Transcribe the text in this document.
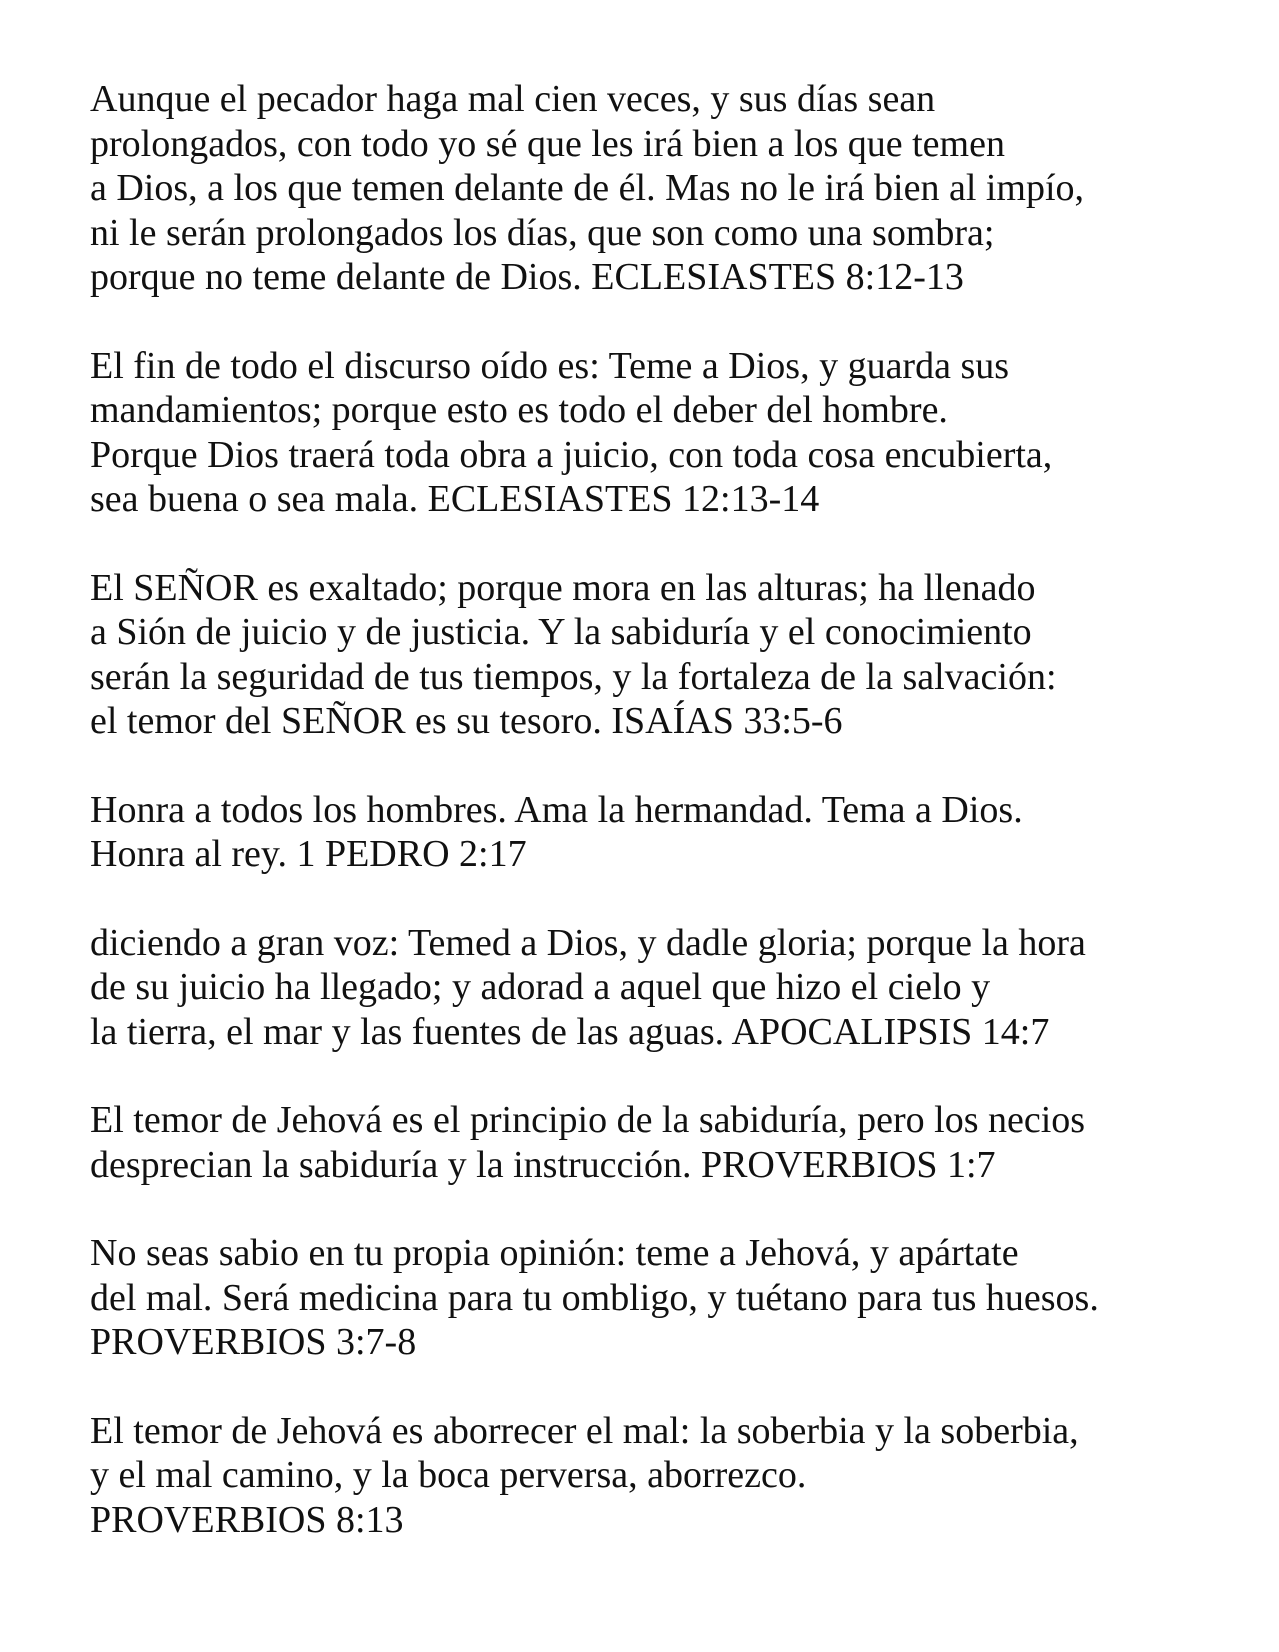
Aunque el pecador haga mal cien veces, y sus días sean
prolongados, con todo yo sé que les irá bien a los que temen
a Dios, a los que temen delante de él. Mas no le irá bien al impío,
ni le serán prolongados los días, que son como una sombra;
porque no teme delante de Dios. ECLESIASTES 8:12-13

El fin de todo el discurso oído es: Teme a Dios, y guarda sus
mandamientos; porque esto es todo el deber del hombre.
Porque Dios traerá toda obra a juicio, con toda cosa encubierta,
sea buena o sea mala. ECLESIASTES 12:13-14

El SEÑOR es exaltado; porque mora en las alturas; ha llenado
a Sión de juicio y de justicia. Y la sabiduría y el conocimiento
serán la seguridad de tus tiempos, y la fortaleza de la salvación:
el temor del SEÑOR es su tesoro. ISAÍAS 33:5-6

Honra a todos los hombres. Ama la hermandad. Tema a Dios.
Honra al rey. 1 PEDRO 2:17

diciendo a gran voz: Temed a Dios, y dadle gloria; porque la hora
de su juicio ha llegado; y adorad a aquel que hizo el cielo y
la tierra, el mar y las fuentes de las aguas. APOCALIPSIS 14:7

El temor de Jehová es el principio de la sabiduría, pero los necios
desprecian la sabiduría y la instrucción. PROVERBIOS 1:7

No seas sabio en tu propia opinión: teme a Jehová, y apártate
del mal. Será medicina para tu ombligo, y tuétano para tus huesos.
PROVERBIOS 3:7-8

El temor de Jehová es aborrecer el mal: la soberbia y la soberbia,
y el mal camino, y la boca perversa, aborrezco.
PROVERBIOS 8:13
